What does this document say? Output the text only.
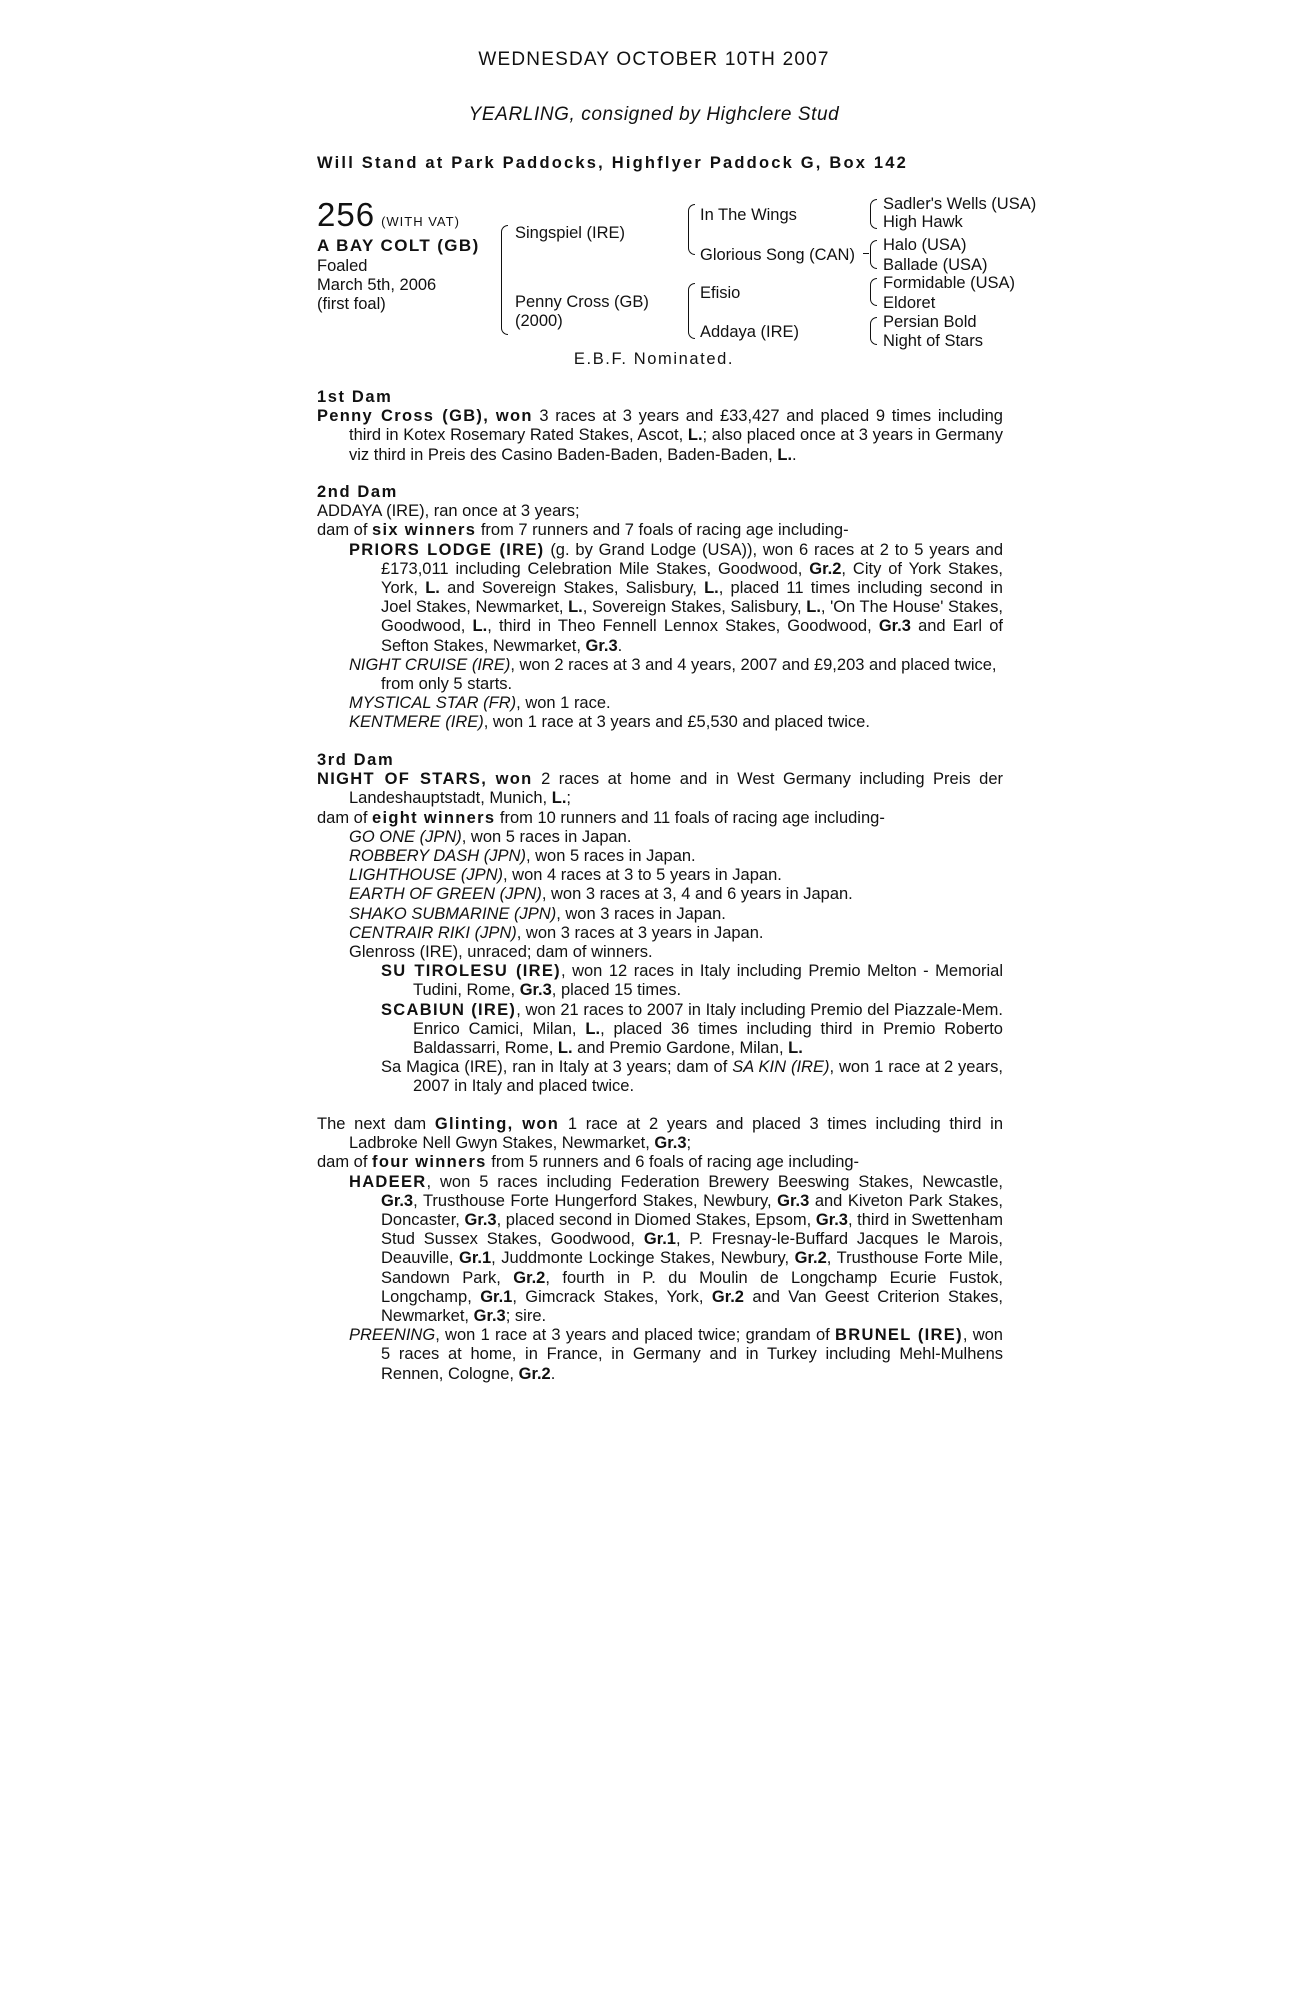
WEDNESDAY OCTOBER 10TH 2007
YEARLING, consigned by Highclere Stud
Will Stand at Park Paddocks, Highflyer Paddock G, Box 142
256 (WITH VAT)
A BAY COLT (GB)
Foaled
March 5th, 2006
(first foal)
Singspiel (IRE)
Penny Cross (GB)
(2000)
In The Wings
Glorious Song (CAN)
Efisio
Addaya (IRE)
Sadler's Wells (USA)
High Hawk
Halo (USA)
Ballade (USA)
Formidable (USA)
Eldoret
Persian Bold
Night of Stars
E.B.F. Nominated.

1st Dam

Penny Cross (GB), won 3 races at 3 years and £33,427 and placed 9 times including third in Kotex Rosemary Rated Stakes, Ascot, L.; also placed once at 3 years in Germany viz third in Preis des Casino Baden-Baden, Baden-Baden, L..

2nd Dam

ADDAYA (IRE), ran once at 3 years;

dam of six winners from 7 runners and 7 foals of racing age including-

PRIORS LODGE (IRE) (g. by Grand Lodge (USA)), won 6 races at 2 to 5 years and £173,011 including Celebration Mile Stakes, Goodwood, Gr.2, City of York Stakes, York, L. and Sovereign Stakes, Salisbury, L., placed 11 times including second in Joel Stakes, Newmarket, L., Sovereign Stakes, Salisbury, L., 'On The House' Stakes, Goodwood, L., third in Theo Fennell Lennox Stakes, Goodwood, Gr.3 and Earl of Sefton Stakes, Newmarket, Gr.3.

NIGHT CRUISE (IRE), won 2 races at 3 and 4 years, 2007 and £9,203 and placed twice, from only 5 starts.

MYSTICAL STAR (FR), won 1 race.

KENTMERE (IRE), won 1 race at 3 years and £5,530 and placed twice.

3rd Dam

NIGHT OF STARS, won 2 races at home and in West Germany including Preis der Landeshauptstadt, Munich, L.;

dam of eight winners from 10 runners and 11 foals of racing age including-

GO ONE (JPN), won 5 races in Japan.

ROBBERY DASH (JPN), won 5 races in Japan.

LIGHTHOUSE (JPN), won 4 races at 3 to 5 years in Japan.

EARTH OF GREEN (JPN), won 3 races at 3, 4 and 6 years in Japan.

SHAKO SUBMARINE (JPN), won 3 races in Japan.

CENTRAIR RIKI (JPN), won 3 races at 3 years in Japan.

Glenross (IRE), unraced; dam of winners.

SU TIROLESU (IRE), won 12 races in Italy including Premio Melton - Memorial Tudini, Rome, Gr.3, placed 15 times.

SCABIUN (IRE), won 21 races to 2007 in Italy including Premio del Piazzale-Mem. Enrico Camici, Milan, L., placed 36 times including third in Premio Roberto Baldassarri, Rome, L. and Premio Gardone, Milan, L.

Sa Magica (IRE), ran in Italy at 3 years; dam of SA KIN (IRE), won 1 race at 2 years, 2007 in Italy and placed twice.

The next dam Glinting, won 1 race at 2 years and placed 3 times including third in Ladbroke Nell Gwyn Stakes, Newmarket, Gr.3;

dam of four winners from 5 runners and 6 foals of racing age including-

HADEER, won 5 races including Federation Brewery Beeswing Stakes, Newcastle, Gr.3, Trusthouse Forte Hungerford Stakes, Newbury, Gr.3 and Kiveton Park Stakes, Doncaster, Gr.3, placed second in Diomed Stakes, Epsom, Gr.3, third in Swettenham Stud Sussex Stakes, Goodwood, Gr.1, P. Fresnay-le-Buffard Jacques le Marois, Deauville, Gr.1, Juddmonte Lockinge Stakes, Newbury, Gr.2, Trusthouse Forte Mile, Sandown Park, Gr.2, fourth in P. du Moulin de Longchamp Ecurie Fustok, Longchamp, Gr.1, Gimcrack Stakes, York, Gr.2 and Van Geest Criterion Stakes, Newmarket, Gr.3; sire.

PREENING, won 1 race at 3 years and placed twice; grandam of BRUNEL (IRE), won 5 races at home, in France, in Germany and in Turkey including Mehl-Mulhens Rennen, Cologne, Gr.2.
